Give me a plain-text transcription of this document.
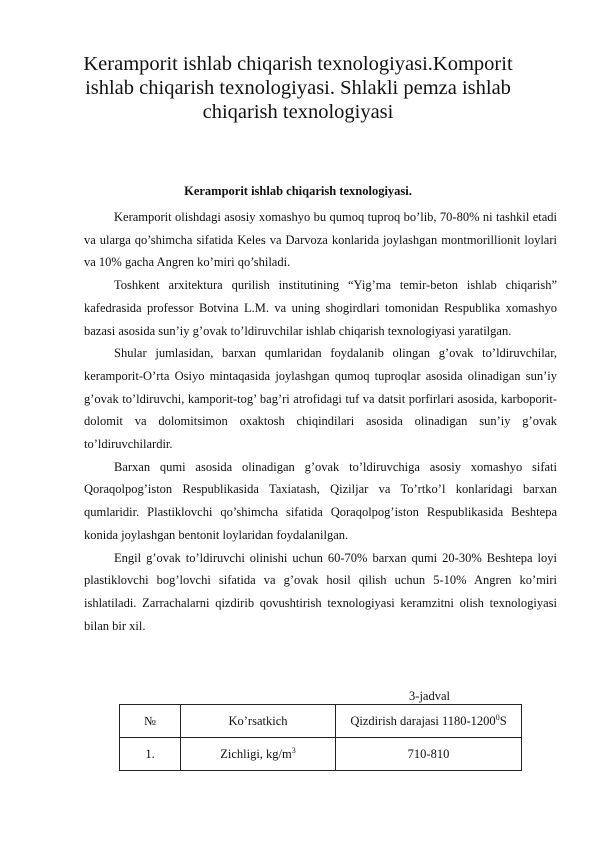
Keramporit ishlab chiqarish texnologiyasi.Komporit ishlab chiqarish texnologiyasi. Shlakli pemza ishlab chiqarish texnologiyasi
Keramporit ishlab chiqarish texnologiyasi.

Keramporit olishdagi asosiy xomashyo bu qumoq tuproq bo’lib, 70-80% ni tashkil etadi va ularga qo’shimcha sifatida Keles va Darvoza konlarida joylashgan montmorillionit loylari va 10% gacha Angren ko’miri qo’shiladi.

Toshkent arxitektura qurilish institutining “Yig’ma temir-beton ishlab chiqarish” kafedrasida professor Botvina L.M. va uning shogirdlari tomonidan Respublika xomashyo bazasi asosida sun’iy g’ovak to’ldiruvchilar ishlab chiqarish texnologiyasi yaratilgan.

Shular jumlasidan, barxan qumlaridan foydalanib olingan g’ovak to’ldiruvchilar, keramporit-O’rta Osiyo mintaqasida joylashgan qumoq tuproqlar asosida olinadigan sun’iy g’ovak to’ldiruvchi, kamporit-tog’ bag’ri atrofidagi tuf va datsit porfirlari asosida, karboporit-dolomit va dolomitsimon oxaktosh chiqindilari asosida olinadigan sun’iy g’ovak to’ldiruvchilardir.

Barxan qumi asosida olinadigan g’ovak to’ldiruvchiga asosiy xomashyo sifati Qoraqolpog’iston Respublikasida Taxiatash, Qiziljar va To’rtko’l konlaridagi barxan qumlaridir. Plastiklovchi qo’shimcha sifatida Qoraqolpog’iston Respublikasida Beshtepa konida joylashgan bentonit loylaridan foydalanilgan.

Engil g’ovak to’ldiruvchi olinishi uchun 60-70% barxan qumi 20-30% Beshtepa loyi plastiklovchi bog’lovchi sifatida va g’ovak hosil qilish uchun 5-10% Angren ko’miri ishlatiladi. Zarrachalarni qizdirib qovushtirish texnologiyasi keramzitni olish texnologiyasi bilan bir xil.

3-jadval
№	Ko’rsatkich	Qizdirish darajasi 1180-1200$^0$S
1.	Zichligi, $kg/m^3$	710-810
